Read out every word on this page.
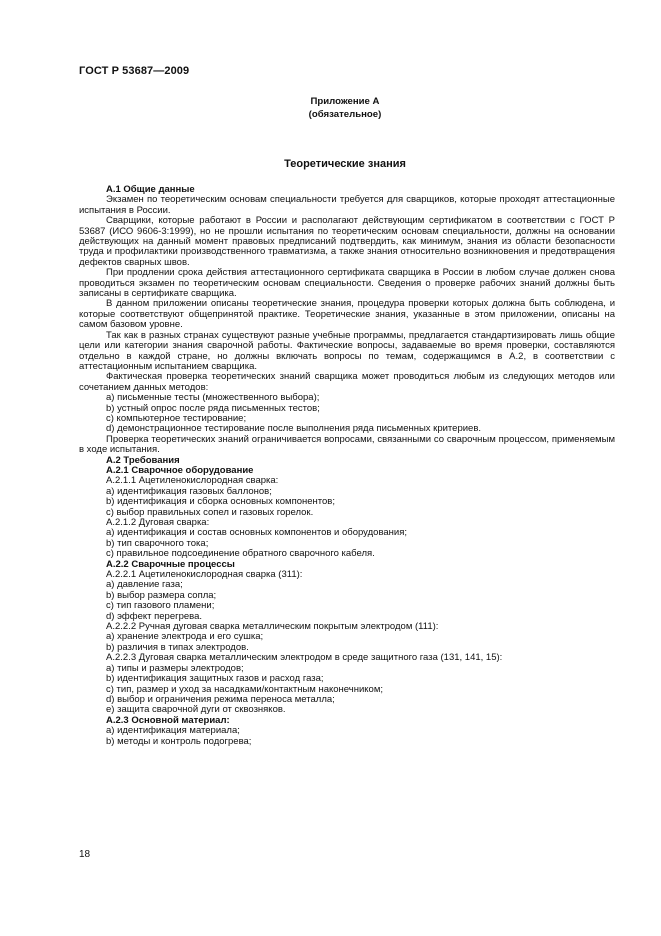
ГОСТ Р 53687—2009
Приложение А
(обязательное)
Теоретические знания

А.1 Общие данные

Экзамен по теоретическим основам специальности требуется для сварщиков, которые проходят аттестационные испытания в России.

Сварщики, которые работают в России и располагают действующим сертификатом в соответствии с ГОСТ Р 53687 (ИСО 9606-3:1999), но не прошли испытания по теоретическим основам специальности, должны на основании действующих на данный момент правовых предписаний подтвердить, как минимум, знания из области безопасности труда и профилактики производственного травматизма, а также знания относительно возникновения и предотвращения дефектов сварных швов.

При продлении срока действия аттестационного сертификата сварщика в России в любом случае должен снова проводиться экзамен по теоретическим основам специальности. Сведения о проверке рабочих знаний должны быть записаны в сертификате сварщика.

В данном приложении описаны теоретические знания, процедура проверки которых должна быть соблюдена, и которые соответствуют общепринятой практике. Теоретические знания, указанные в этом приложении, описаны на самом базовом уровне.

Так как в разных странах существуют разные учебные программы, предлагается стандартизировать лишь общие цели или категории знания сварочной работы. Фактические вопросы, задаваемые во время проверки, составляются отдельно в каждой стране, но должны включать вопросы по темам, содержащимся в А.2, в соответствии с аттестационным испытанием сварщика.

Фактическая проверка теоретических знаний сварщика может проводиться любым из следующих методов или сочетанием данных методов:

a) письменные тесты (множественного выбора);

b) устный опрос после ряда письменных тестов;

c) компьютерное тестирование;

d) демонстрационное тестирование после выполнения ряда письменных критериев.

Проверка теоретических знаний ограничивается вопросами, связанными со сварочным процессом, применяемым в ходе испытания.

А.2 Требования

А.2.1 Сварочное оборудование

А.2.1.1 Ацетиленокислородная сварка:

a) идентификация газовых баллонов;

b) идентификация и сборка основных компонентов;

c) выбор правильных сопел и газовых горелок.

А.2.1.2 Дуговая сварка:

a) идентификация и состав основных компонентов и оборудования;

b) тип сварочного тока;

c) правильное подсоединение обратного сварочного кабеля.

А.2.2 Сварочные процессы

А.2.2.1 Ацетиленокислородная сварка (311):

a) давление газа;

b) выбор размера сопла;

c) тип газового пламени;

d) эффект перегрева.

А.2.2.2 Ручная дуговая сварка металлическим покрытым электродом (111):

a) хранение электрода и его сушка;

b) различия в типах электродов.

А.2.2.3 Дуговая сварка металлическим электродом в среде защитного газа (131, 141, 15):

a) типы и размеры электродов;

b) идентификация защитных газов и расход газа;

c) тип, размер и уход за насадками/контактным наконечником;

d) выбор и ограничения режима переноса металла;

e) защита сварочной дуги от сквозняков.

А.2.3 Основной материал:

a) идентификация материала;

b) методы и контроль подогрева;

18
